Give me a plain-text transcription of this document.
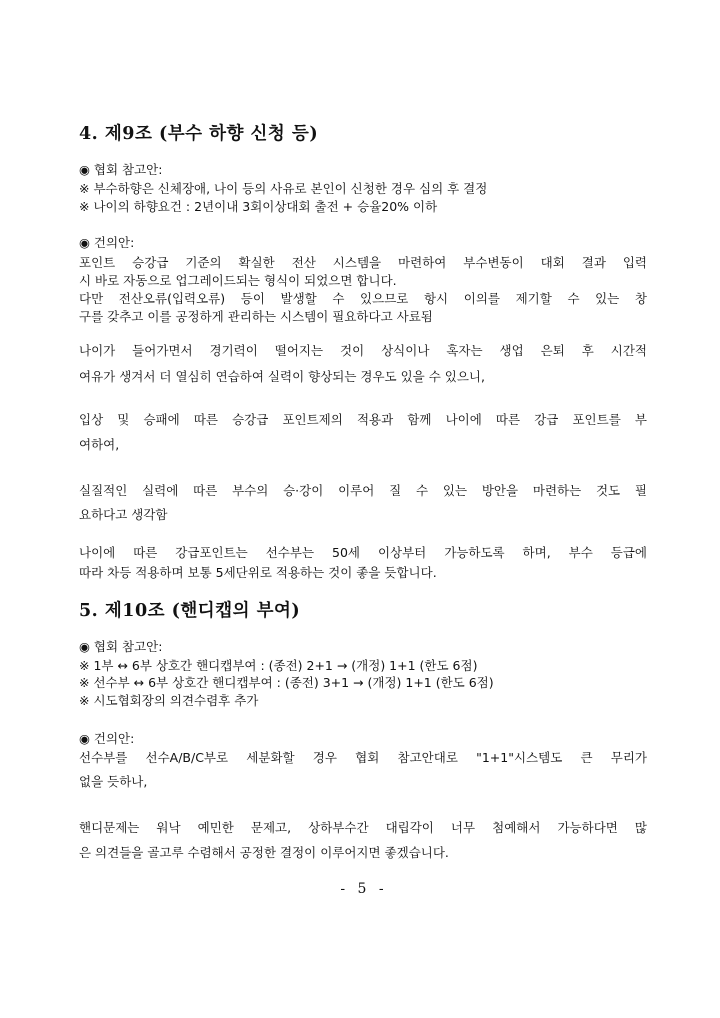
4. 제9조 (부수 하향 신청 등)
◉ 협회 참고안:
※ 부수하향은 신체장애, 나이 등의 사유로 본인이 신청한 경우 심의 후 결정
※ 나이의 하향요건 : 2년이내 3회이상대회 출전 + 승율20% 이하
◉ 건의안:
포인트 승강급 기준의 확실한 전산 시스템을 마련하여 부수변동이 대회 결과 입력
시 바로 자동으로 업그레이드되는 형식이 되었으면 합니다.
다만 전산오류(입력오류) 등이 발생할 수 있으므로 항시 이의를 제기할 수 있는 창
구를 갖추고 이를 공정하게 관리하는 시스템이 필요하다고 사료됨
나이가 들어가면서 경기력이 떨어지는 것이 상식이나 혹자는 생업 은퇴 후 시간적
여유가 생겨서 더 열심히 연습하여 실력이 향상되는 경우도 있을 수 있으니,
입상 및 승패에 따른 승강급 포인트제의 적용과 함께 나이에 따른 강급 포인트를 부
여하여,
실질적인 실력에 따른 부수의 승·강이 이루어 질 수 있는 방안을 마련하는 것도 필
요하다고 생각함
나이에 따른 강급포인트는 선수부는 50세 이상부터 가능하도록 하며, 부수 등급에
따라 차등 적용하며 보통 5세단위로 적용하는 것이 좋을 듯합니다.
5. 제10조 (핸디캡의 부여)
◉ 협회 참고안:
※ 1부 ↔ 6부 상호간 핸디캡부여 : (종전) 2+1 → (개정) 1+1 (한도 6점)
※ 선수부 ↔ 6부 상호간 핸디캡부여 : (종전) 3+1 → (개정) 1+1 (한도 6점)
※ 시도협회장의 의견수렴후 추가
◉ 건의안:
선수부를 선수A/B/C부로 세분화할 경우 협회 참고안대로 "1+1"시스템도 큰 무리가
없을 듯하나,
핸디문제는 워낙 예민한 문제고, 상하부수간 대립각이 너무 첨예해서 가능하다면 많
은 의견들을 골고루 수렴해서 공정한 결정이 이루어지면 좋겠습니다.
- 5 -
